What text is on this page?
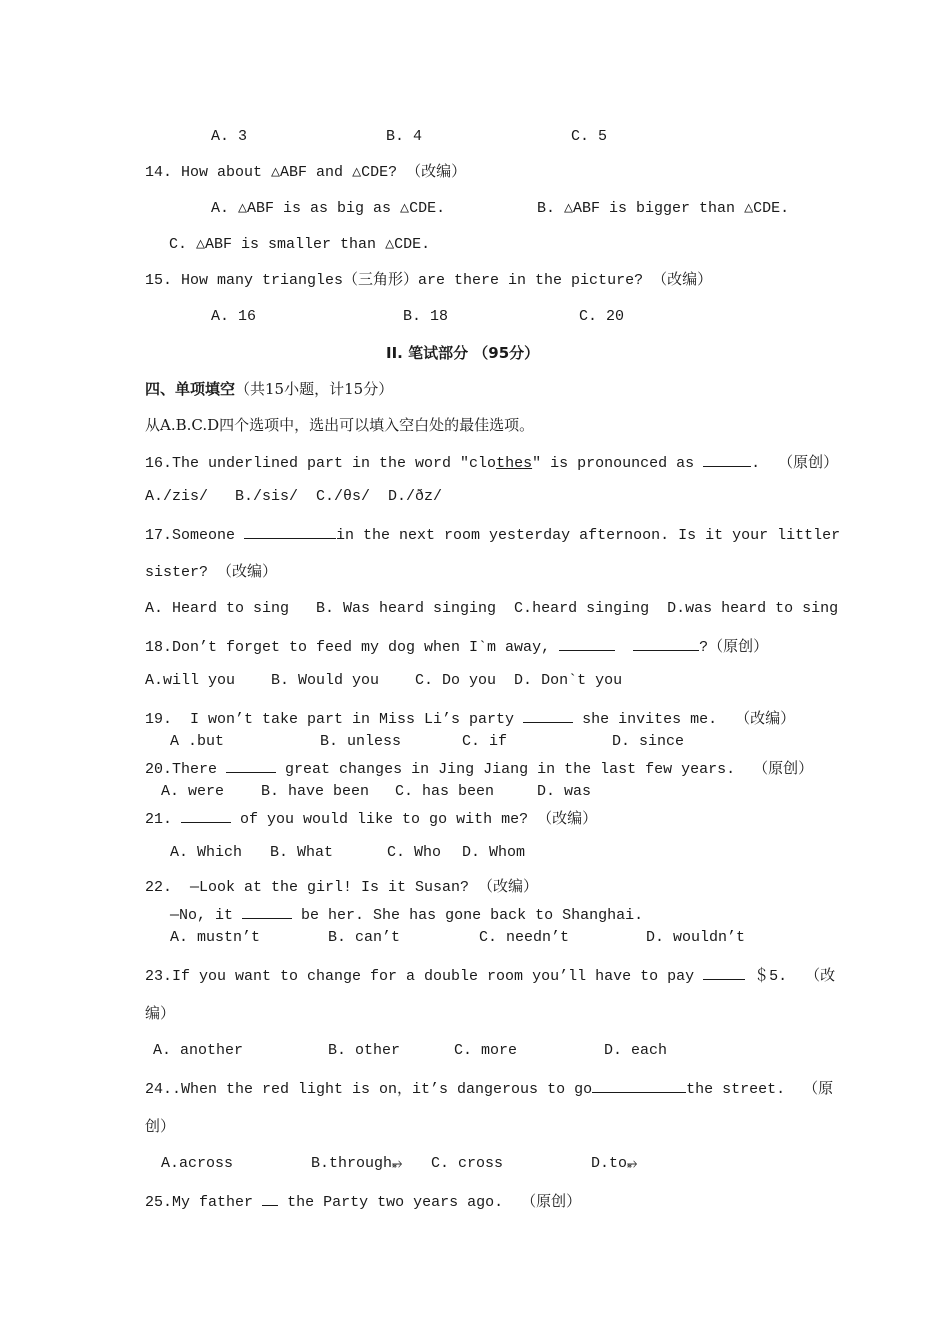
A. 3	B. 4	C. 5
14. How about △ABF and △CDE? （改编）
A. △ABF is as big as △CDE.	B. △ABF is bigger than △CDE.
C. △ABF is smaller than △CDE.
15. How many triangles（三角形）are there in the picture? （改编）
A. 16	B. 18	C. 20
II. 笔试部分 （95分）
四、单项填空（共15小题，计15分）
从A.B.C.D四个选项中，选出可以填入空白处的最佳选项。
16.The underlined part in the word "clothes" is pronounced as	.  （原创）
A./zis/   B./sis/  C./θs/  D./ðz/
17.Someone	in the next room yesterday afternoon. Is it your littler
sister? （改编）
A. Heard to sing   B. Was heard singing  C.heard singing  D.was heard to sing
18.Don’t forget to feed my dog when I`m away,	?（原创）
A.will you    B. Would you    C. Do you  D. Don`t you
19.  I won’t take part in Miss Li’s party	she invites me.  （改编）
A .but	B. unless	C. if	D. since
20.There	great changes in Jing Jiang in the last few years.  （原创）
A. were B. have been C. has been	D. was
21.	of you would like to go with me? （改编）
A. Which B. What	C. Who D. Whom
22.  —Look at the girl! Is it Susan? （改编）
—No, it	be her. She has gone back to Shanghai.
A. mustn’t	B. can’t	C. needn’t	D. wouldn’t
23.If you want to change for a double room you’ll have to pay	＄5.  （改
编）
A. another	B. other	C. more	D. each
24..When the red light is on，it’s dangerous to go	the street.  （原
创）
A.across	B.through⥵ C. cross	D.to⥵
25.My father the Party two years ago.  （原创）
